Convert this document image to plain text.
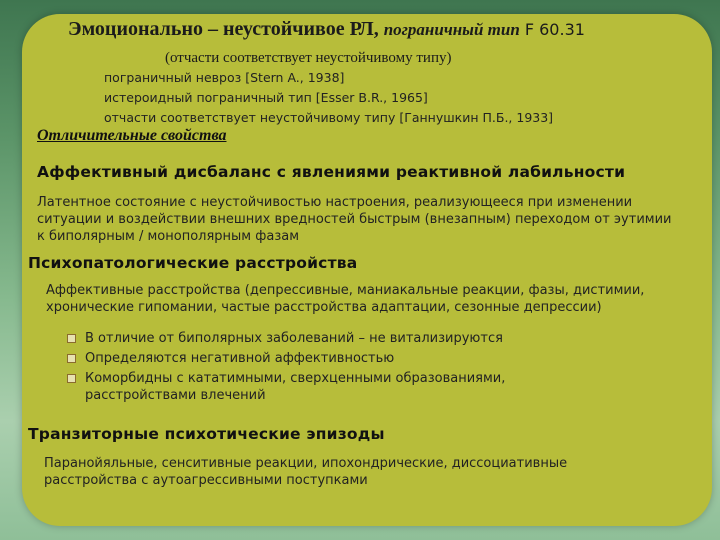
Эмоционально – неустойчивое РЛ, пограничный тип F 60.31
(отчасти соответствует неустойчивому типу)
пограничный невроз [Stern A., 1938]
истероидный пограничный тип [Esser B.R., 1965]
отчасти соответствует неустойчивому типу [Ганнушкин П.Б., 1933]
Отличительные свойства
Аффективный дисбаланс с явлениями реактивной лабильности
Латентное состояние с неустойчивостью настроения, реализующееся при изменении ситуации и воздействии внешних вредностей быстрым (внезапным) переходом от эутимии к биполярным / монополярным фазам
Психопатологические расстройства
Аффективные расстройства (депрессивные, маниакальные реакции, фазы, дистимии, хронические гипомании, частые расстройства адаптации, сезонные депрессии)
В отличие от биполярных заболеваний – не витализируются
Определяются негативной аффективностью
Коморбидны с кататимными, сверхценными образованиями, расстройствами влечений
Транзиторные психотические эпизоды
Паранойяльные, сенситивные реакции, ипохондрические, диссоциативные расстройства с аутоагрессивными поступками
